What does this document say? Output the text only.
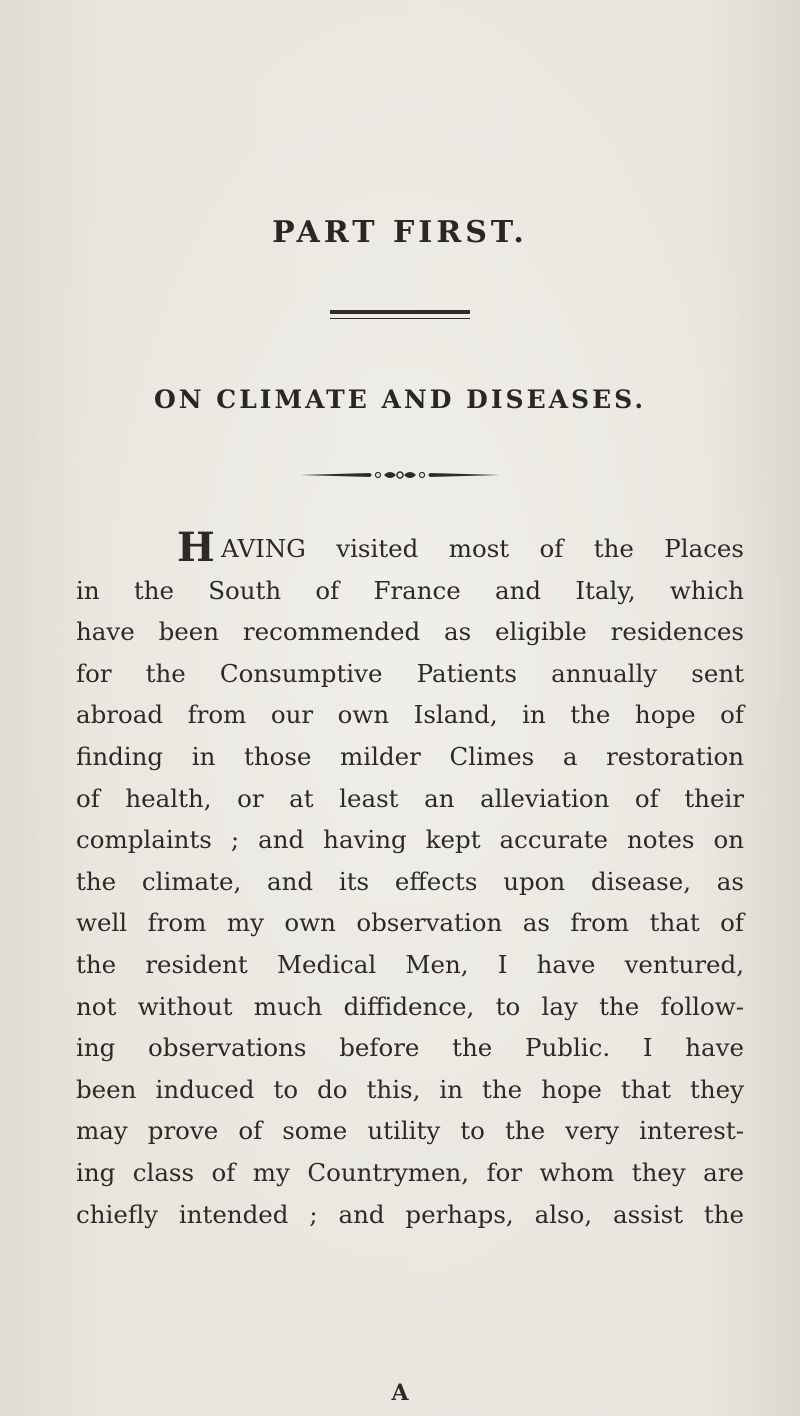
PART FIRST.
ON CLIMATE AND DISEASES.
H AVING visited most of the Places
in the South of France and Italy, which
have been recommended as eligible residences
for the Consumptive Patients annually sent
abroad from our own Island, in the hope of
finding in those milder Climes a restoration
of health, or at least an alleviation of their
complaints ; and having kept accurate notes on
the climate, and its effects upon disease, as
well from my own observation as from that of
the resident Medical Men, I have ventured,
not without much diffidence, to lay the follow-
ing observations before the Public. I have
been induced to do this, in the hope that they
may prove of some utility to the very interest-
ing class of my Countrymen, for whom they are
chiefly intended ; and perhaps, also, assist the
A
